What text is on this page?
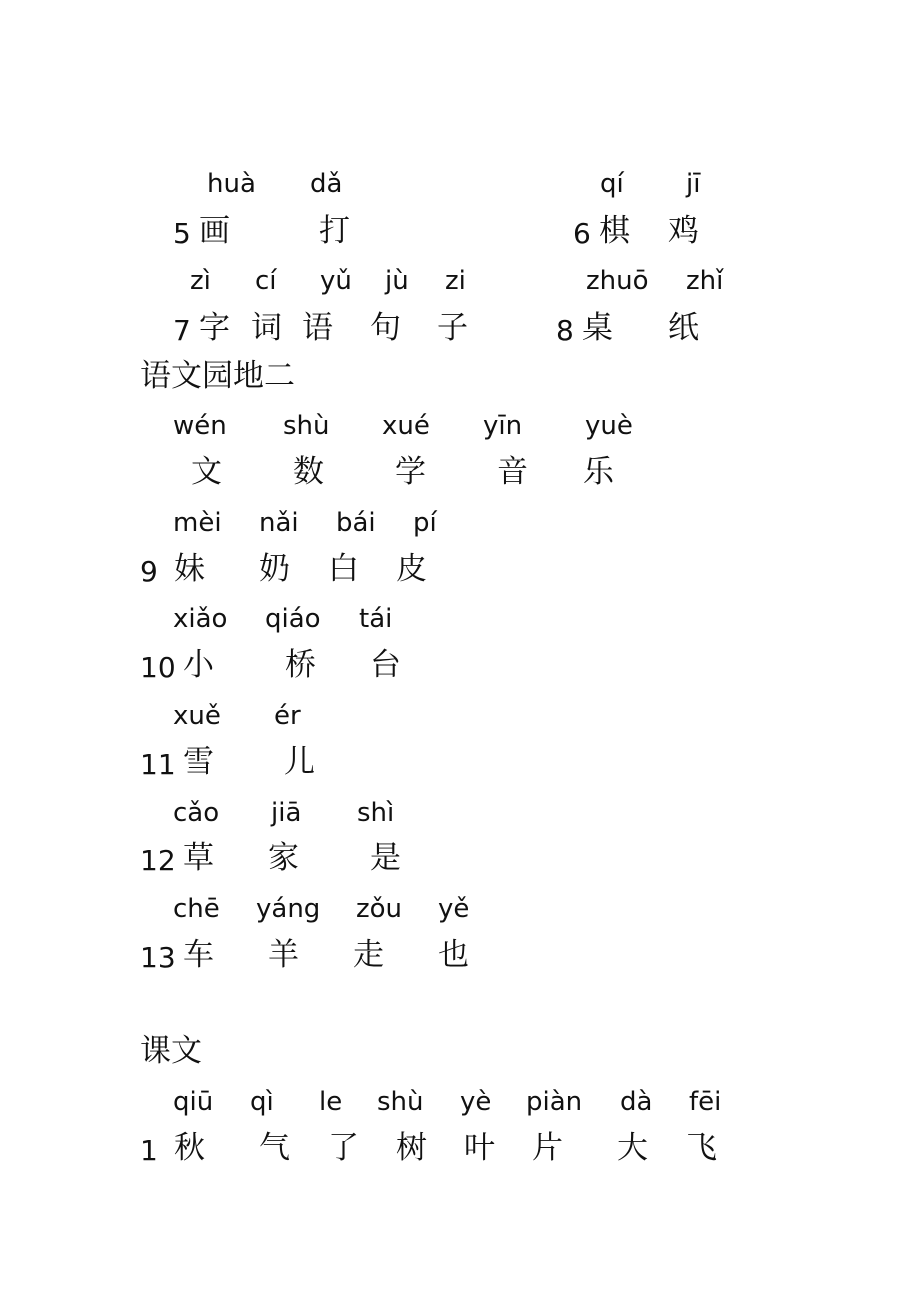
huà dǎ	qí jī
5 画	打	6 棋 鸡
zì cí yǔ jù zi	zhuō zhǐ
7 字 词 语 句 子	8 桌 纸
语文园地二
wén shù xué yīn yuè
文 数 学 音 乐
mèi nǎi bái pí
9 妹 奶 白 皮
xiǎo qiáo tái
10 小 桥 台
xuě ér
11 雪 儿
cǎo jiā shì
12 草 家 是
chē yáng zǒu yě
13 车 羊 走 也
课文
qiū qì le shù yè piàn dà fēi
1 秋 气 了 树 叶 片 大 飞
